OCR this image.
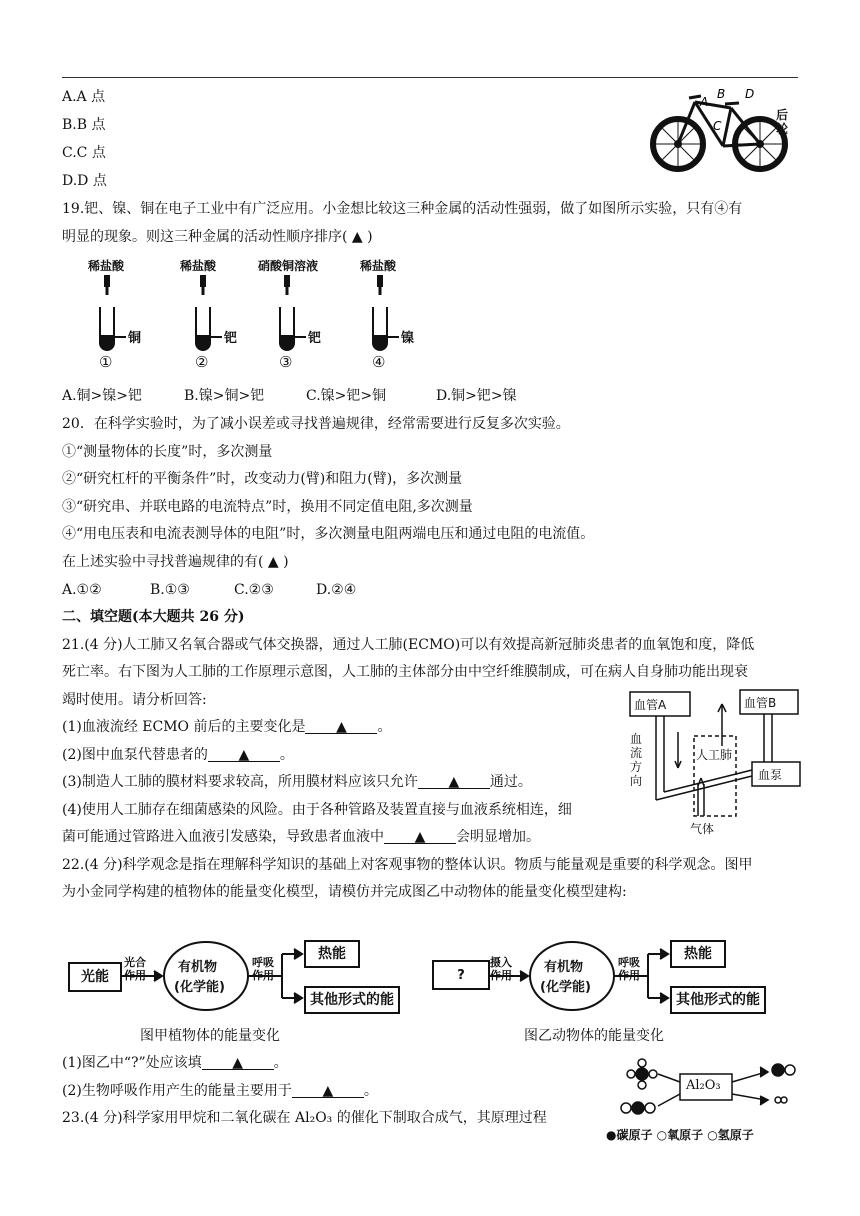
A.A 点
B.B 点
C.C 点
D.D 点
A
B
C
D
后轮
19.钯、镍、铜在电子工业中有广泛应用。小金想比较这三种金属的活动性强弱，做了如图所示实验，只有④有
明显的现象。则这三种金属的活动性顺序排序( ▲ )
稀盐酸	稀盐酸	硝酸铜溶液	稀盐酸
铜	钯	钯	镍
①	②	③	④
A.铜>镍>钯	B.镍>铜>钯	C.镍>钯>铜	D.铜>钯>镍
20．在科学实验时，为了减小误差或寻找普遍规律，经常需要进行反复多次实验。
①“测量物体的长度”时，多次测量
②“研究杠杆的平衡条件”时，改变动力(臂)和阻力(臂)，多次测量
③“研究串、并联电路的电流特点”时，换用不同定值电阻,多次测量
④“用电压表和电流表测导体的电阻”时，多次测量电阻两端电压和通过电阻的电流值。
在上述实验中寻找普遍规律的有( ▲ )
A.①②	B.①③	C.②③	D.②④
二、填空题(本大题共 26 分)
21.(4 分)人工肺又名氧合器或气体交换器，通过人工肺(ECMO)可以有效提高新冠肺炎患者的血氧饱和度，降低
死亡率。右下图为人工肺的工作原理示意图，人工肺的主体部分由中空纤维膜制成，可在病人自身肺功能出现衰
竭时使用。请分析回答:
(1)血液流经 ECMO 前后的主要变化是 ▲ 。
(2)图中血泵代替患者的 ▲ 。
(3)制造人工肺的膜材料要求较高，所用膜材料应该只允许 ▲ 通过。
(4)使用人工肺存在细菌感染的风险。由于各种管路及装置直接与血液系统相连，细
菌可能通过管路进入血液引发感染，导致患者血液中 ▲ 会明显增加。
血管A	血管B
人工肺
血泵
气体
血流方向
22.(4 分)科学观念是指在理解科学知识的基础上对客观事物的整体认识。物质与能量观是重要的科学观念。图甲
为小金同学构建的植物体的能量变化模型，请模仿并完成图乙中动物体的能量变化模型建构:
光能
光合作用
有机物
(化学能)
呼吸作用
热能
其他形式的能
图甲植物体的能量变化
?
摄入作用
有机物
(化学能)
呼吸作用
热能
其他形式的能
图乙动物体的能量变化
(1)图乙中“?”处应该填 ▲ 。
(2)生物呼吸作用产生的能量主要用于 ▲ 。
23.(4 分)科学家用甲烷和二氧化碳在 Al₂O₃ 的催化下制取合成气，其原理过程
Al₂O₃
●碳原子 ○氧原子 ○氢原子
